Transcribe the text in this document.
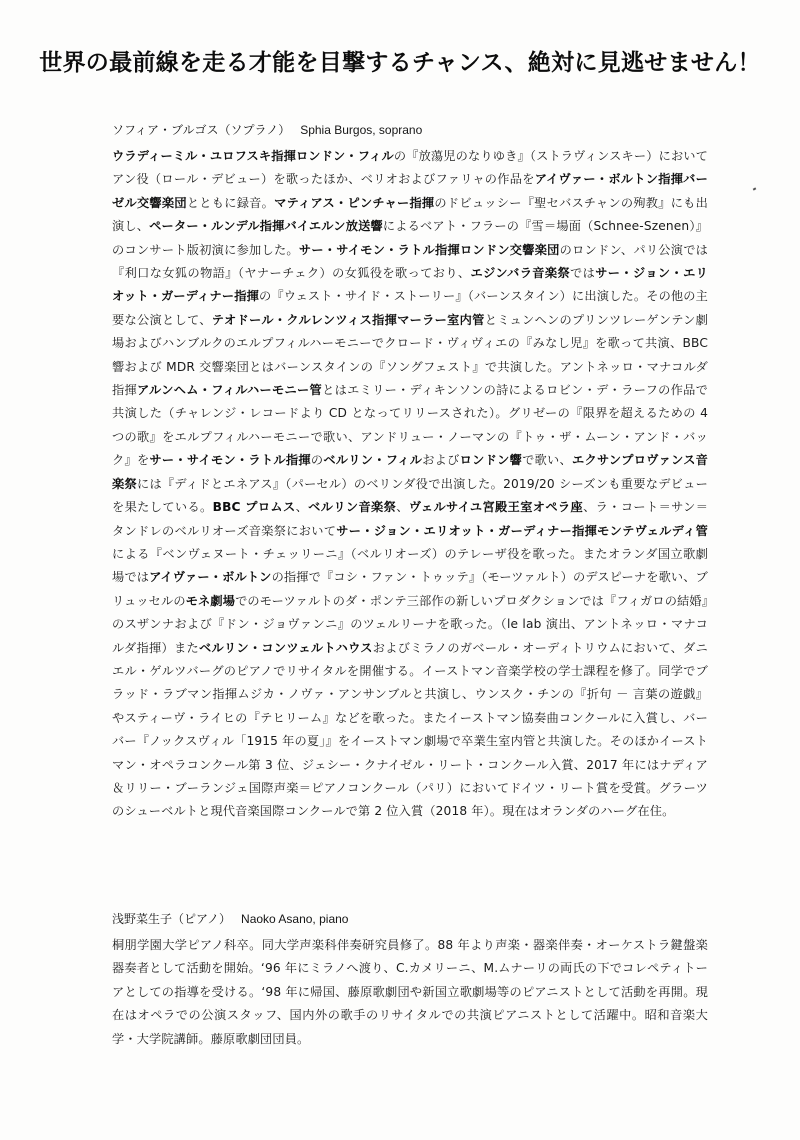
世界の最前線を走る才能を目撃するチャンス、絶対に見逃せません！
ソフィア・ブルゴス（ソプラノ） Sphia Burgos, soprano

ウラディーミル・ユロフスキ指揮ロンドン・フィルの『放蕩児のなりゆき』（ストラヴィンスキー）においてアン役（ロール・デビュー）を歌ったほか、ベリオおよびファリャの作品をアイヴァー・ボルトン指揮バーゼル交響楽団とともに録音。マティアス・ピンチャー指揮のドビュッシー『聖セバスチャンの殉教』にも出演し、ペーター・ルンデル指揮バイエルン放送響によるベアト・フラーの『雪＝場面（Schnee-Szenen）』のコンサート版初演に参加した。サー・サイモン・ラトル指揮ロンドン交響楽団のロンドン、パリ公演では『利口な女狐の物語』（ヤナーチェク）の女狐役を歌っており、エジンバラ音楽祭ではサー・ジョン・エリオット・ガーディナー指揮の『ウェスト・サイド・ストーリー』（バーンスタイン）に出演した。その他の主要な公演として、テオドール・クルレンツィス指揮マーラー室内管とミュンヘンのプリンツレーゲンテン劇場およびハンブルクのエルプフィルハーモニーでクロード・ヴィヴィエの『みなし児』を歌って共演、BBC 響および MDR 交響楽団とはバーンスタインの『ソングフェスト』で共演した。アントネッロ・マナコルダ指揮アルンヘム・フィルハーモニー管とはエミリー・ディキンソンの詩によるロビン・デ・ラーフの作品で共演した（チャレンジ・レコードより CD となってリリースされた）。グリゼーの『限界を超えるための 4 つの歌』をエルプフィルハーモニーで歌い、アンドリュー・ノーマンの『トゥ・ザ・ムーン・アンド・バック』をサー・サイモン・ラトル指揮のベルリン・フィルおよびロンドン響で歌い、エクサンプロヴァンス音楽祭には『ディドとエネアス』（パーセル）のベリンダ役で出演した。2019/20 シーズンも重要なデビューを果たしている。BBC プロムス、ベルリン音楽祭、ヴェルサイユ宮殿王室オペラ座、ラ・コート＝サン＝タンドレのベルリオーズ音楽祭においてサー・ジョン・エリオット・ガーディナー指揮モンテヴェルディ管による『ベンヴェヌート・チェッリーニ』（ベルリオーズ）のテレーザ役を歌った。またオランダ国立歌劇場ではアイヴァー・ボルトンの指揮で『コシ・ファン・トゥッテ』（モーツァルト）のデスピーナを歌い、ブリュッセルのモネ劇場でのモーツァルトのダ・ポンテ三部作の新しいプロダクションでは『フィガロの結婚』のスザンナおよび『ドン・ジョヴァンニ』のツェルリーナを歌った。（le lab 演出、アントネッロ・マナコルダ指揮）またベルリン・コンツェルトハウスおよびミラノのガベール・オーディトリウムにおいて、ダニエル・ゲルツバーグのピアノでリサイタルを開催する。イーストマン音楽学校の学士課程を修了。同学でブラッド・ラブマン指揮ムジカ・ノヴァ・アンサンブルと共演し、ウンスク・チンの『折句 － 言葉の遊戯』やスティーヴ・ライヒの『テヒリーム』などを歌った。またイーストマン協奏曲コンクールに入賞し、バーバー『ノックスヴィル「1915 年の夏」』をイーストマン劇場で卒業生室内管と共演した。そのほかイーストマン・オペラコンクール第 3 位、ジェシー・クナイゼル・リート・コンクール入賞、2017 年にはナディア＆リリー・ブーランジェ国際声楽＝ピアノコンクール（パリ）においてドイツ・リート賞を受賞。グラーツのシューベルトと現代音楽国際コンクールで第 2 位入賞（2018 年）。現在はオランダのハーグ在住。

浅野菜生子（ピアノ） Naoko Asano, piano

桐朋学園大学ピアノ科卒。同大学声楽科伴奏研究員修了。88 年より声楽・器楽伴奏・オーケストラ鍵盤楽器奏者として活動を開始。‘96 年にミラノへ渡り、C.カメリーニ、M.ムナーリの両氏の下でコレペティトーアとしての指導を受ける。‘98 年に帰国、藤原歌劇団や新国立歌劇場等のピアニストとして活動を再開。現在はオペラでの公演スタッフ、国内外の歌手のリサイタルでの共演ピアニストとして活躍中。昭和音楽大学・大学院講師。藤原歌劇団団員。
